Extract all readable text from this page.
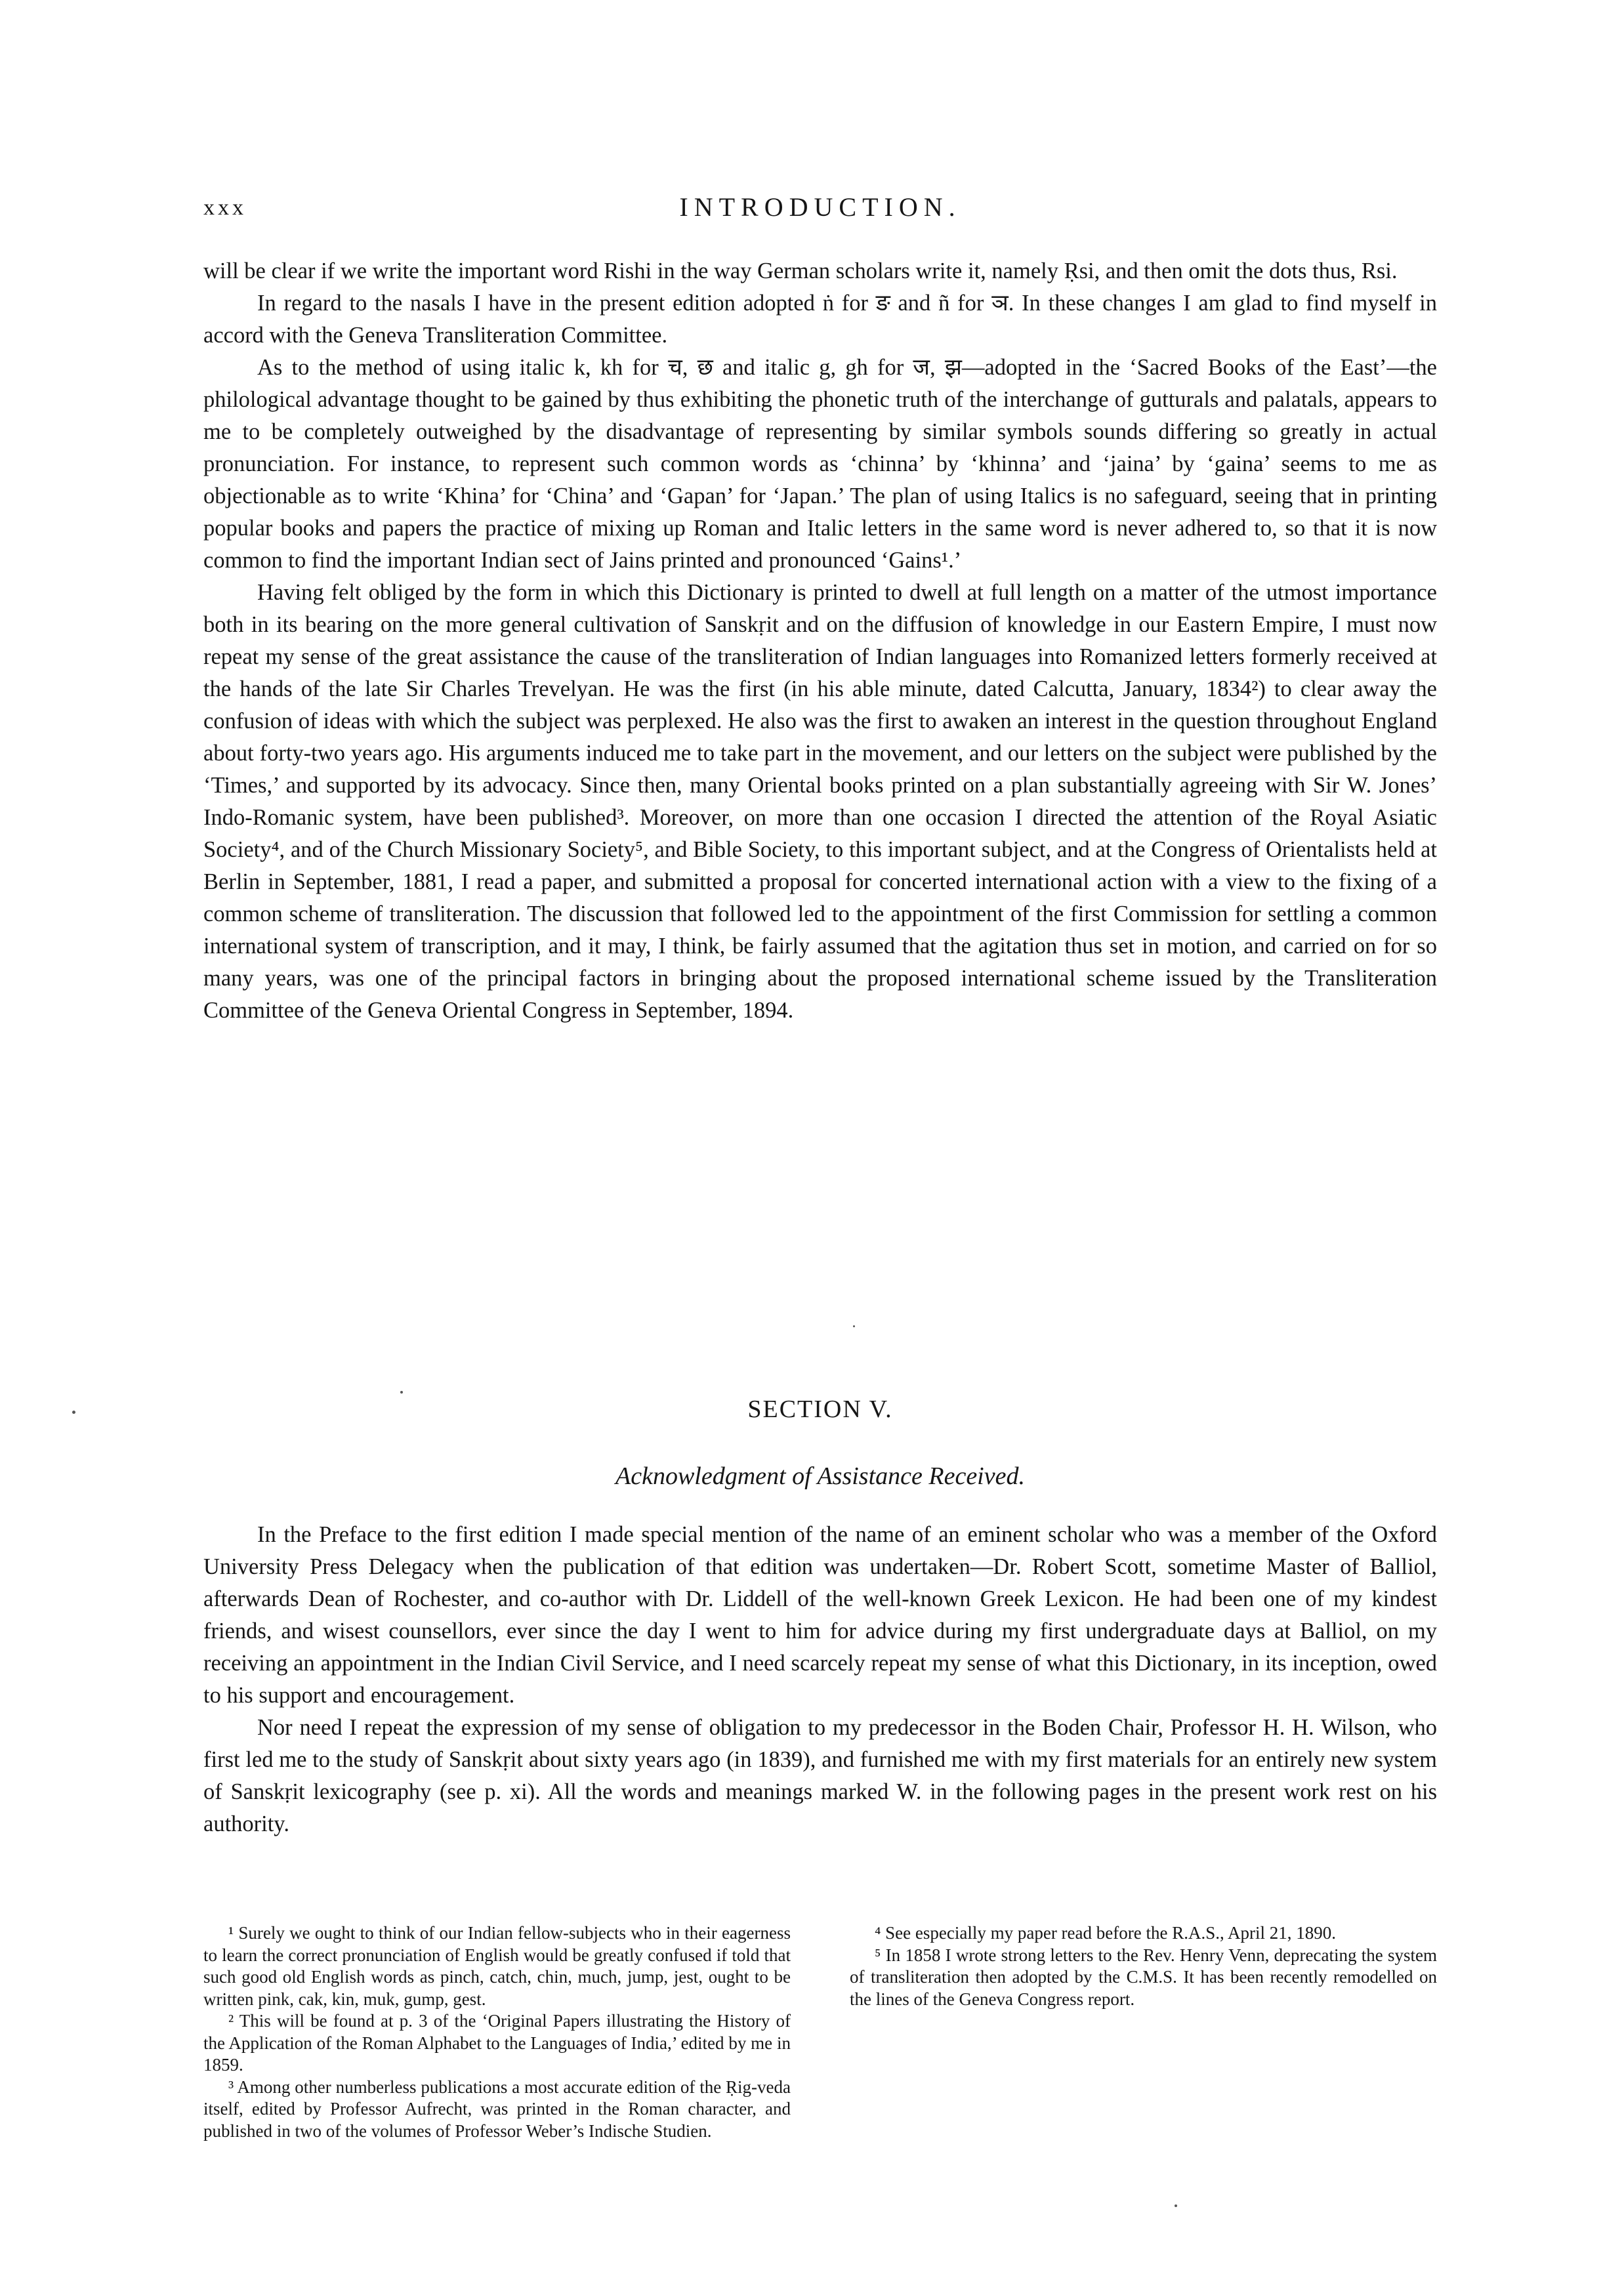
xxx	INTRODUCTION.

will be clear if we write the important word Rishi in the way German scholars write it, namely Ṛsi, and then omit the dots thus, Rsi.

In regard to the nasals I have in the present edition adopted ṅ for ङ and ñ for ञ. In these changes I am glad to find myself in accord with the Geneva Transliteration Committee.

As to the method of using italic k, kh for च, छ and italic g, gh for ज, झ—adopted in the ‘Sacred Books of the East’—the philological advantage thought to be gained by thus exhibiting the phonetic truth of the interchange of gutturals and palatals, appears to me to be completely outweighed by the disadvantage of representing by similar symbols sounds differing so greatly in actual pronunciation. For instance, to represent such common words as ‘chinna’ by ‘khinna’ and ‘jaina’ by ‘gaina’ seems to me as objectionable as to write ‘Khina’ for ‘China’ and ‘Gapan’ for ‘Japan.’ The plan of using Italics is no safeguard, seeing that in printing popular books and papers the practice of mixing up Roman and Italic letters in the same word is never adhered to, so that it is now common to find the important Indian sect of Jains printed and pronounced ‘Gains¹.’

Having felt obliged by the form in which this Dictionary is printed to dwell at full length on a matter of the utmost importance both in its bearing on the more general cultivation of Sanskṛit and on the diffusion of knowledge in our Eastern Empire, I must now repeat my sense of the great assistance the cause of the transliteration of Indian languages into Romanized letters formerly received at the hands of the late Sir Charles Trevelyan. He was the first (in his able minute, dated Calcutta, January, 1834²) to clear away the confusion of ideas with which the subject was perplexed. He also was the first to awaken an interest in the question throughout England about forty-two years ago. His arguments induced me to take part in the movement, and our letters on the subject were published by the ‘Times,’ and supported by its advocacy. Since then, many Oriental books printed on a plan substantially agreeing with Sir W. Jones’ Indo-Romanic system, have been published³. Moreover, on more than one occasion I directed the attention of the Royal Asiatic Society⁴, and of the Church Missionary Society⁵, and Bible Society, to this important subject, and at the Congress of Orientalists held at Berlin in September, 1881, I read a paper, and submitted a proposal for concerted international action with a view to the fixing of a common scheme of transliteration. The discussion that followed led to the appointment of the first Commission for settling a common international system of transcription, and it may, I think, be fairly assumed that the agitation thus set in motion, and carried on for so many years, was one of the principal factors in bringing about the proposed international scheme issued by the Transliteration Committee of the Geneva Oriental Congress in September, 1894.

SECTION V.
Acknowledgment of Assistance Received.

In the Preface to the first edition I made special mention of the name of an eminent scholar who was a member of the Oxford University Press Delegacy when the publication of that edition was undertaken—Dr. Robert Scott, sometime Master of Balliol, afterwards Dean of Rochester, and co-author with Dr. Liddell of the well-known Greek Lexicon. He had been one of my kindest friends, and wisest counsellors, ever since the day I went to him for advice during my first undergraduate days at Balliol, on my receiving an appointment in the Indian Civil Service, and I need scarcely repeat my sense of what this Dictionary, in its inception, owed to his support and encouragement.

Nor need I repeat the expression of my sense of obligation to my predecessor in the Boden Chair, Professor H. H. Wilson, who first led me to the study of Sanskṛit about sixty years ago (in 1839), and furnished me with my first materials for an entirely new system of Sanskṛit lexicography (see p. xi). All the words and meanings marked W. in the following pages in the present work rest on his authority.

¹ Surely we ought to think of our Indian fellow-subjects who in their eagerness to learn the correct pronunciation of English would be greatly confused if told that such good old English words as pinch, catch, chin, much, jump, jest, ought to be written pink, cak, kin, muk, gump, gest.

² This will be found at p. 3 of the ‘Original Papers illustrating the History of the Application of the Roman Alphabet to the Languages of India,’ edited by me in 1859.

³ Among other numberless publications a most accurate edition of the Ṛig-veda itself, edited by Professor Aufrecht, was printed in the Roman character, and published in two of the volumes of Professor Weber’s Indische Studien.

⁴ See especially my paper read before the R.A.S., April 21, 1890.

⁵ In 1858 I wrote strong letters to the Rev. Henry Venn, deprecating the system of transliteration then adopted by the C.M.S. It has been recently remodelled on the lines of the Geneva Congress report.
